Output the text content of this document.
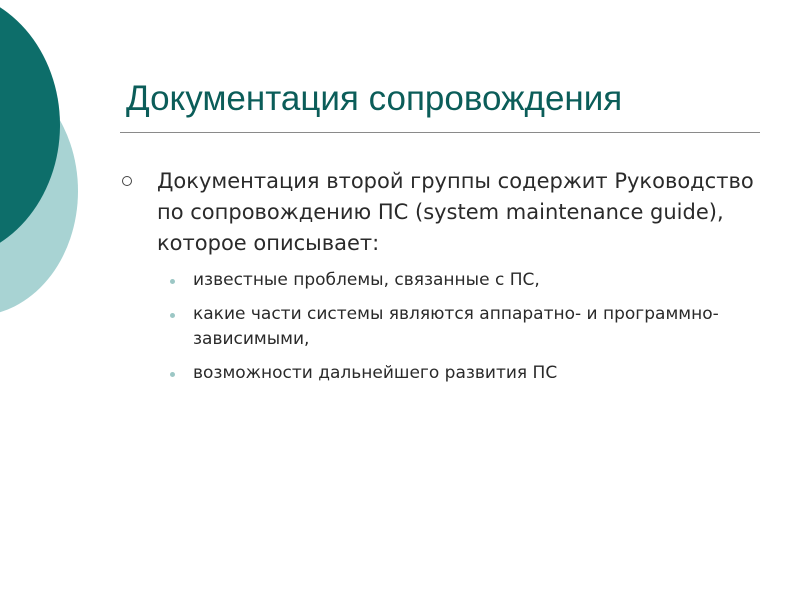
Документация сопровождения
Документация второй группы содержит Руководство по сопровождению ПС (system maintenance guide), которое описывает:
известные проблемы, связанные с ПС,
какие части системы являются аппаратно- и программно-зависимыми,
возможности дальнейшего развития ПС
